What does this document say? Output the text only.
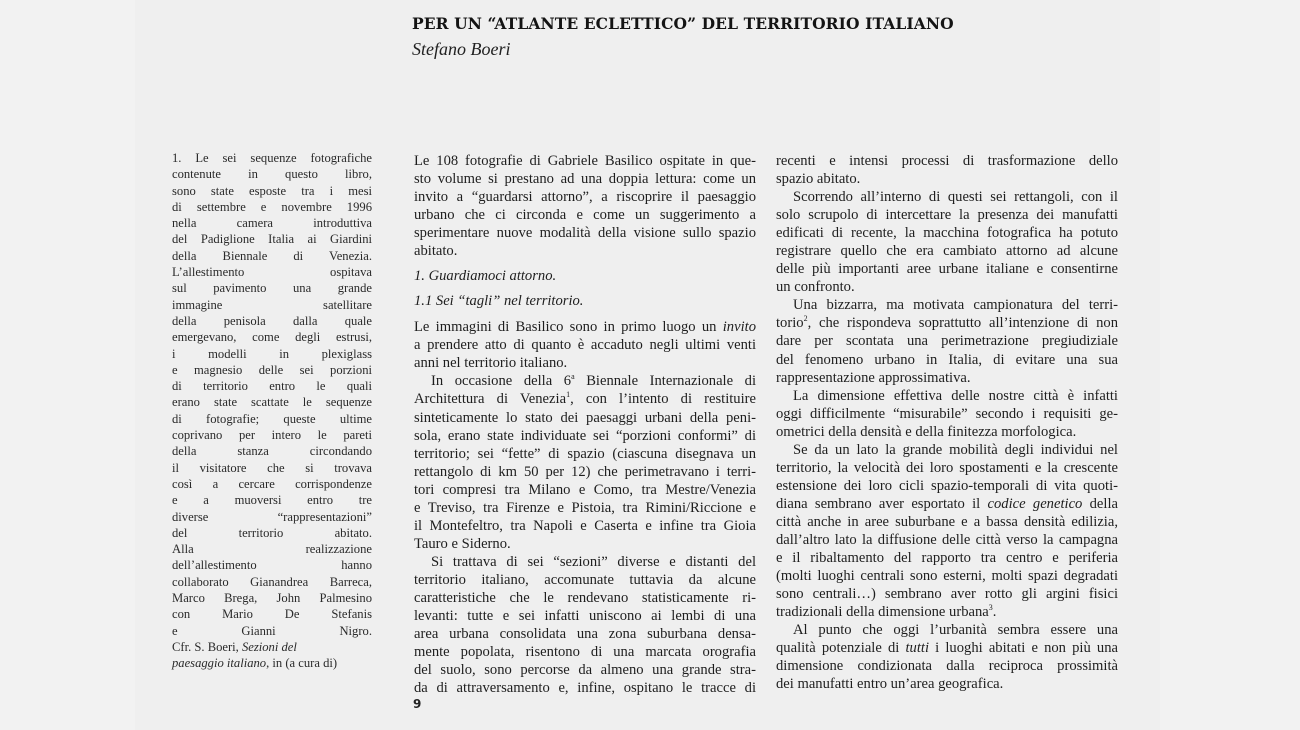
PER UN “ATLANTE ECLETTICO” DEL TERRITORIO ITALIANO
Stefano Boeri
1. Le sei sequenze fotografiche
contenute in questo libro,
sono state esposte tra i mesi
di settembre e novembre 1996
nella camera introduttiva
del Padiglione Italia ai Giardini
della Biennale di Venezia.
L’allestimento ospitava
sul pavimento una grande
immagine satellitare
della penisola dalla quale
emergevano, come degli estrusi,
i modelli in plexiglass
e magnesio delle sei porzioni
di territorio entro le quali
erano state scattate le sequenze
di fotografie; queste ultime
coprivano per intero le pareti
della stanza circondando
il visitatore che si trovava
così a cercare corrispondenze
e a muoversi entro tre
diverse “rappresentazioni”
del territorio abitato.
Alla realizzazione
dell’allestimento hanno
collaborato Gianandrea Barreca,
Marco Brega, John Palmesino
con Mario De Stefanis
e Gianni Nigro.
Cfr. S. Boeri, Sezioni del
paesaggio italiano, in (a cura di)

Le 108 fotografie di Gabriele Basilico ospitate in que-
sto volume si prestano ad una doppia lettura: come un
invito a “guardarsi attorno”, a riscoprire il paesaggio
urbano che ci circonda e come un suggerimento a
sperimentare nuove modalità della visione sullo spazio
abitato.

1. Guardiamoci attorno.
1.1 Sei “tagli” nel territorio.

Le immagini di Basilico sono in primo luogo un invito
a prendere atto di quanto è accaduto negli ultimi venti
anni nel territorio italiano.

In occasione della 6$^a$ Biennale Internazionale di
Architettura di Venezia$^1$, con l’intento di restituire
sinteticamente lo stato dei paesaggi urbani della peni-
sola, erano state individuate sei “porzioni conformi” di
territorio; sei “fette” di spazio (ciascuna disegnava un
rettangolo di km 50 per 12) che perimetravano i terri-
tori compresi tra Milano e Como, tra Mestre/Venezia
e Treviso, tra Firenze e Pistoia, tra Rimini/Riccione e
il Montefeltro, tra Napoli e Caserta e infine tra Gioia
Tauro e Siderno.

Si trattava di sei “sezioni” diverse e distanti del
territorio italiano, accomunate tuttavia da alcune
caratteristiche che le rendevano statisticamente ri-
levanti: tutte e sei infatti uniscono ai lembi di una
area urbana consolidata una zona suburbana densa-
mente popolata, risentono di una marcata orografia
del suolo, sono percorse da almeno una grande stra-
da di attraversamento e, infine, ospitano le tracce di

recenti e intensi processi di trasformazione dello
spazio abitato.

Scorrendo all’interno di questi sei rettangoli, con il
solo scrupolo di intercettare la presenza dei manufatti
edificati di recente, la macchina fotografica ha potuto
registrare quello che era cambiato attorno ad alcune
delle più importanti aree urbane italiane e consentirne
un confronto.

Una bizzarra, ma motivata campionatura del terri-
torio$^2$, che rispondeva soprattutto all’intenzione di non
dare per scontata una perimetrazione pregiudiziale
del fenomeno urbano in Italia, di evitare una sua
rappresentazione approssimativa.

La dimensione effettiva delle nostre città è infatti
oggi difficilmente “misurabile” secondo i requisiti ge-
ometrici della densità e della finitezza morfologica.

Se da un lato la grande mobilità degli individui nel
territorio, la velocità dei loro spostamenti e la crescente
estensione dei loro cicli spazio-temporali di vita quoti-
diana sembrano aver esportato il codice genetico della
città anche in aree suburbane e a bassa densità edilizia,
dall’altro lato la diffusione delle città verso la campagna
e il ribaltamento del rapporto tra centro e periferia
(molti luoghi centrali sono esterni, molti spazi degradati
sono centrali…) sembrano aver rotto gli argini fisici
tradizionali della dimensione urbana$^3$.

Al punto che oggi l’urbanità sembra essere una
qualità potenziale di tutti i luoghi abitati e non più una
dimensione condizionata dalla reciproca prossimità
dei manufatti entro un’area geografica.

9
